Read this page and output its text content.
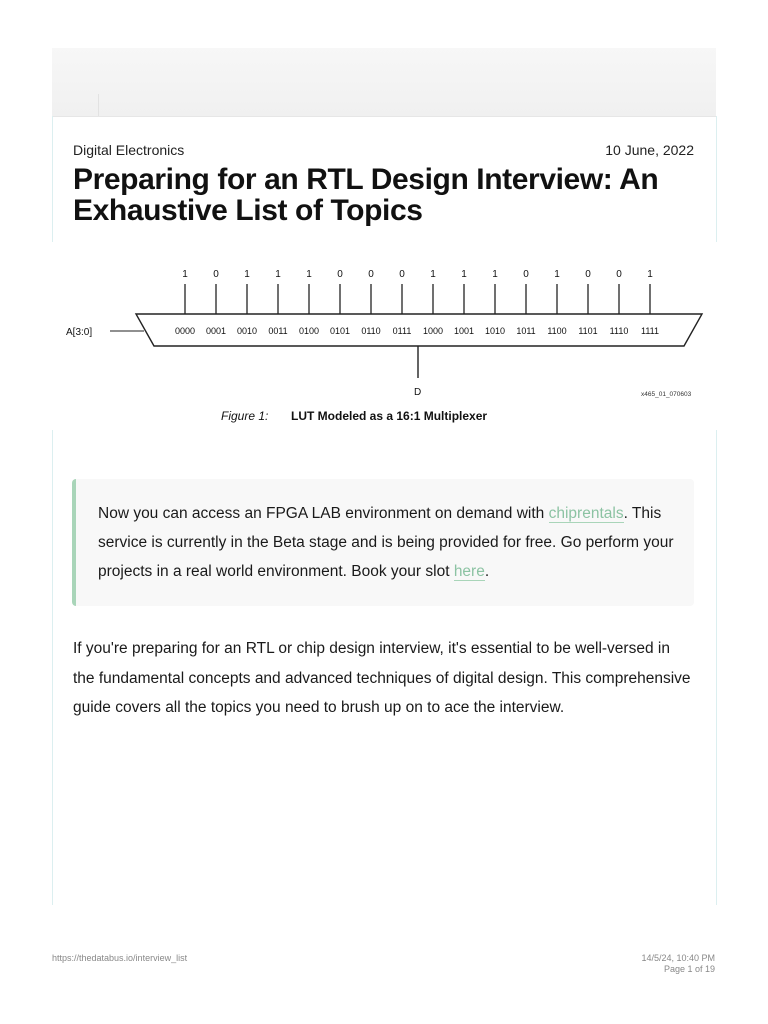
Digital Electronics	10 June, 2022
Preparing for an RTL Design Interview: An Exhaustive List of Topics
1	0	1	1	1	0	0	0	1	1	1	0	1	0	0	1
0000 0001 0010 0011 0100 0101 0110 0111 1000 1001 1010 1011 1100 1101 1110 1111
A[3:0]
D	x465_01_070603
Figure 1: LUT Modeled as a 16:1 Multiplexer

Now you can access an FPGA LAB environment on demand with chiprentals. This service is currently in the Beta stage and is being provided for free. Go perform your projects in a real world environment. Book your slot here.

If you're preparing for an RTL or chip design interview, it's essential to be well-versed in the fundamental concepts and advanced techniques of digital design. This comprehensive guide covers all the topics you need to brush up on to ace the interview.

https://thedatabus.io/interview_list	14/5/24, 10:40 PM
Page 1 of 19
